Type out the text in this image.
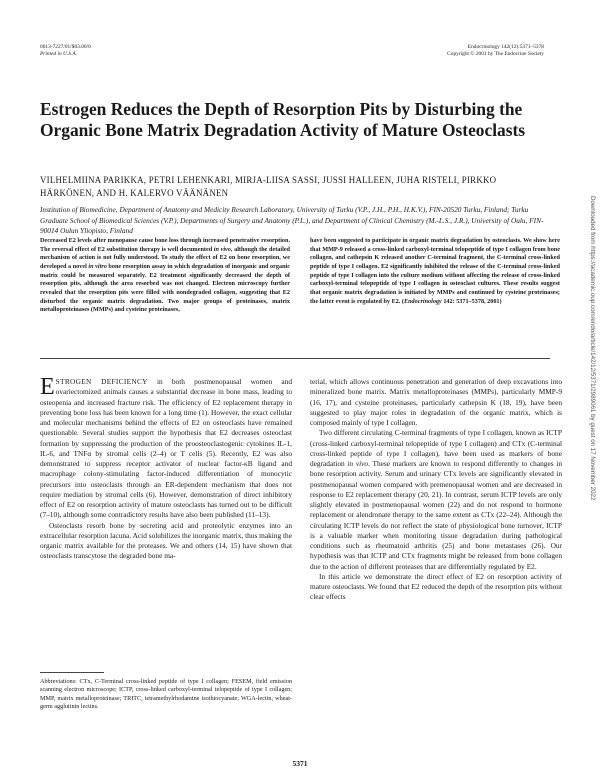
0013-7227/01/$03.00/0
Printed in U.S.A.
Endocrinology 142(12):5371–5378
Copyright © 2001 by The Endocrine Society
Estrogen Reduces the Depth of Resorption Pits by Disturbing the Organic Bone Matrix Degradation Activity of Mature Osteoclasts
VILHELMIINA PARIKKA, PETRI LEHENKARI, MIRJA-LIISA SASSI, JUSSI HALLEEN, JUHA RISTELI, PIRKKO HÄRKÖNEN, AND H. KALERVO VÄÄNÄNEN
Institution of Biomedicine, Department of Anatomy and Medicity Research Laboratory, University of Turku (V.P., J.H., P.H., H.K.V.), FIN-20520 Turku, Finland; Turku Graduate School of Biomedical Sciences (V.P.), Departments of Surgery and Anatomy (P.L.), and Department of Clinical Chemistry (M.-L.S., J.R.), University of Oulu, FIN-90014 Oulun Yliopisto, Finland
Decreased E2 levels after menopause cause bone loss through increased penetrative resorption. The reversal effect of E2 substitution therapy is well documented in vivo, although the detailed mechanism of action is not fully understood. To study the effect of E2 on bone resorption, we developed a novel in vitro bone resorption assay in which degradation of inorganic and organic matrix could be measured separately. E2 treatment significantly decreased the depth of resorption pits, although the area resorbed was not changed. Electron microscopy further revealed that the resorption pits were filled with nondegraded collagen, suggesting that E2 disturbed the organic matrix degradation. Two major groups of proteinases, matrix metalloproteinases (MMPs) and cysteine proteinases,
have been suggested to participate in organic matrix degradation by osteoclasts. We show here that MMP-9 released a cross-linked carboxyl-terminal telopeptide of type I collagen from bone collagen, and cathepsin K released another C-terminal fragment, the C-terminal cross-linked peptide of type I collagen. E2 significantly inhibited the release of the C-terminal cross-linked peptide of type I collagen into the culture medium without affecting the release of cross-linked carboxyl-terminal telopeptide of type I collagen in osteoclast cultures. These results suggest that organic matrix degradation is initiated by MMPs and continued by cysteine proteinases; the latter event is regulated by E2. (Endocrinology 142: 5371–5378, 2001)

ESTROGEN DEFICIENCY in both postmenopausal women and ovariectomized animals causes a substantial decrease in bone mass, leading to osteopenia and increased fracture risk. The efficiency of E2 replacement therapy in preventing bone loss has been known for a long time (1). However, the exact cellular and molecular mechanisms behind the effects of E2 on osteoclasts have remained questionable. Several studies support the hypothesis that E2 decreases osteoclast formation by suppressing the production of the proosteoclastogenic cytokines IL-1, IL-6, and TNFα by stromal cells (2–4) or T cells (5). Recently, E2 was also demonstrated to suppress receptor activator of nuclear factor-κB ligand and macrophage colony-stimulating factor-induced differentiation of monocytic precursors into osteoclasts through an ER-dependent mechanism that does not require mediation by stromal cells (6). However, demonstration of direct inhibitory effect of E2 on resorption activity of mature osteoclasts has turned out to be difficult (7–10), although some contradictory results have also been published (11–13).

Osteoclasts resorb bone by secreting acid and proteolytic enzymes into an extracellular resorption lacuna. Acid solubilizes the inorganic matrix, thus making the organic matrix available for the proteases. We and others (14, 15) have shown that osteoclasts transcytose the degraded bone ma-

terial, which allows continuous penetration and generation of deep excavations into mineralized bone matrix. Matrix metalloproteinases (MMPs), particularly MMP-9 (16, 17), and cysteine proteinases, particularly cathepsin K (18, 19), have been suggested to play major roles in degradation of the organic matrix, which is composed mainly of type I collagen.

Two different circulating C-terminal fragments of type I collagen, known as ICTP (cross-linked carboxyl-terminal telopeptide of type I collagen) and CTx (C-terminal cross-linked peptide of type I collagen), have been used as markers of bone degradation in vivo. These markers are known to respond differently to changes in bone resorption activity. Serum and urinary CTx levels are significantly elevated in postmenopausal women compared with premenopausal women and are decreased in response to E2 replacement therapy (20, 21). In contrast, serum ICTP levels are only slightly elevated in postmenopausal women (22) and do not respond to hormone replacement or alendronate therapy to the same extent as CTx (22–24). Although the circulating ICTP levels do not reflect the state of physiological bone turnover, ICTP is a valuable marker when monitoring tissue degradation during pathological conditions such as rheumatoid arthritis (25) and bone metastases (26). Our hypothesis was that ICTP and CTx fragments might be released from bone collagen due to the action of different proteases that are differentially regulated by E2.

In this article we demonstrate the direct effect of E2 on resorption activity of mature osteoclasts. We found that E2 reduced the depth of the resorption pits without clear effects

Abbreviations: CTx, C-Terminal cross-linked peptide of type I collagen; FESEM, field emission scanning electron microscope; ICTP, cross-linked carboxyl-terminal telopeptide of type I collagen; MMP, matrix metalloproteinase; TRITC, tetramethylrhodamine isothiocyanate; WGA-lectin, wheat-germ agglutinin lectins.
5371
Downloaded from https://academic.oup.com/endo/article/142/12/5371/2989061 by guest on 17 November 2022
